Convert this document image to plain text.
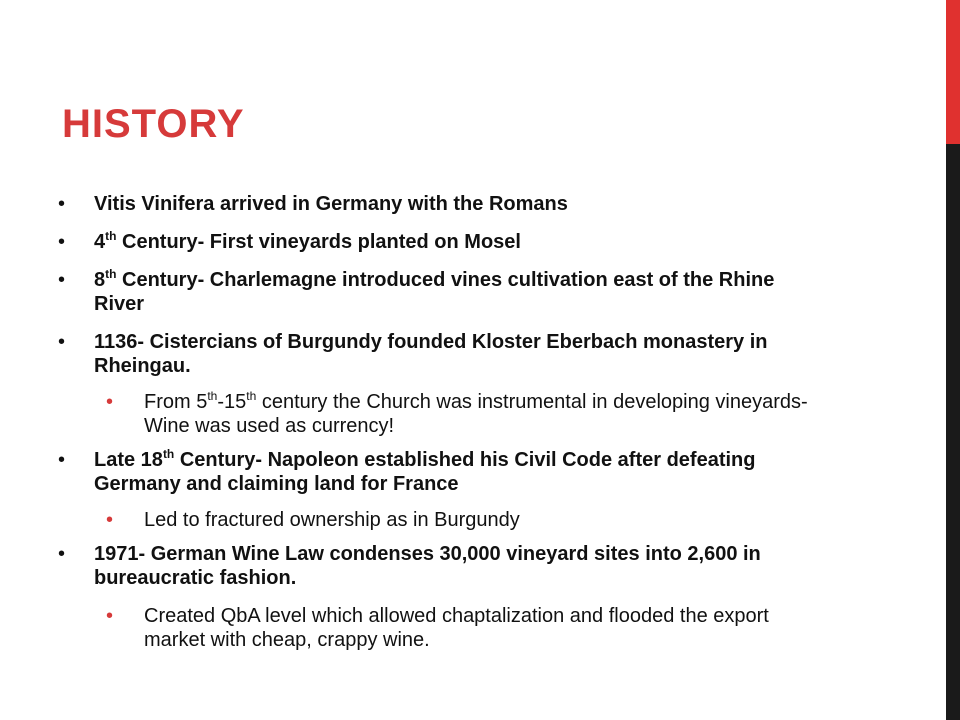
HISTORY
• Vitis Vinifera arrived in Germany with the Romans
• 4th Century- First vineyards planted on Mosel
• 8th Century- Charlemagne introduced vines cultivation east of the Rhine River
• 1136- Cistercians of Burgundy founded Kloster Eberbach monastery in Rheingau.
• From 5th-15th century the Church was instrumental in developing vineyards- Wine was used as currency!
• Late 18th Century- Napoleon established his Civil Code after defeating Germany and claiming land for France
• Led to fractured ownership as in Burgundy
• 1971- German Wine Law condenses 30,000 vineyard sites into 2,600 in bureaucratic fashion.
• Created QbA level which allowed chaptalization and flooded the export market with cheap, crappy wine.
